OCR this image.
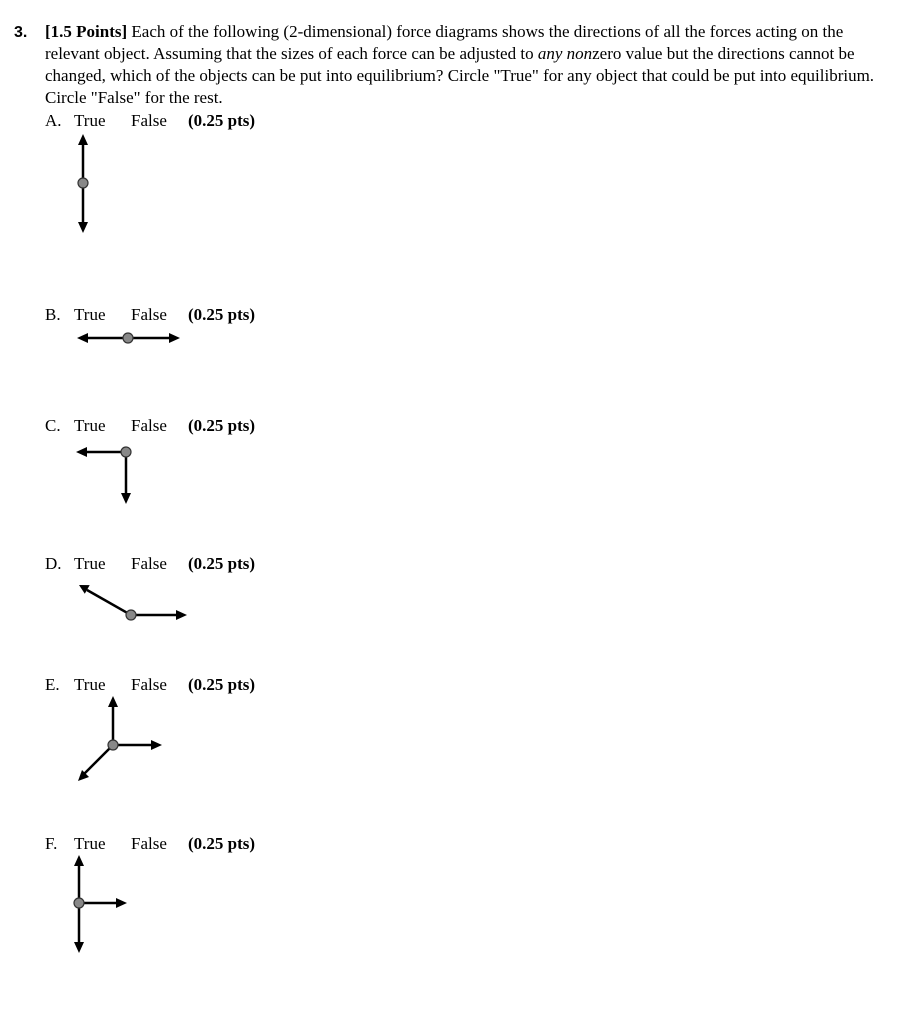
3. [1.5 Points] Each of the following (2-dimensional) force diagrams shows the directions of all the forces acting on the relevant object. Assuming that the sizes of each force can be adjusted to any nonzero value but the directions cannot be changed, which of the objects can be put into equilibrium? Circle "True" for any object that could be put into equilibrium. Circle "False" for the rest.
A. True False (0.25 pts)
B. True False (0.25 pts)
C. True False (0.25 pts)
D. True False (0.25 pts)
E. True False (0.25 pts)
F. True False (0.25 pts)
